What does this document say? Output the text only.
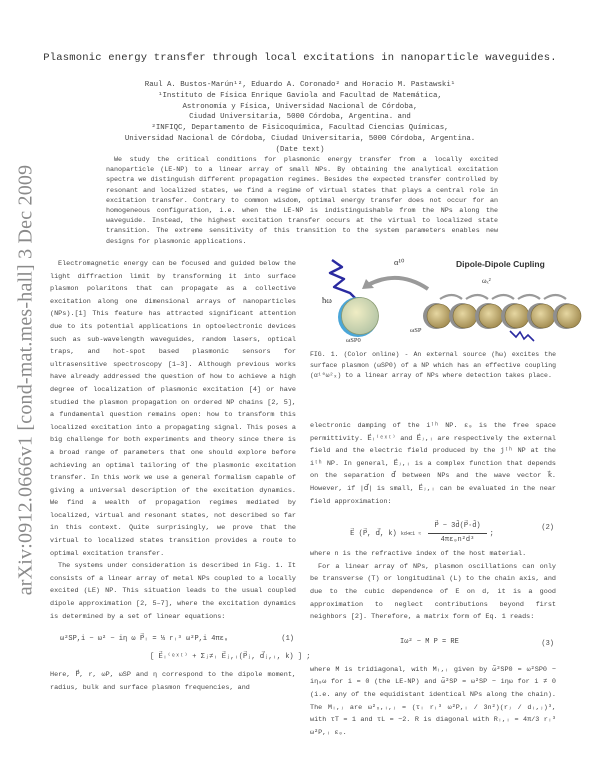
Plasmonic energy transfer through local excitations in nanoparticle waveguides.
Raul A. Bustos-Marún¹², Eduardo A. Coronado² and Horacio M. Pastawski¹
¹Instituto de Física Enrique Gaviola and Facultad de Matemática,
Astronomía y Física, Universidad Nacional de Córdoba,
Ciudad Universitaria, 5000 Córdoba, Argentina. and
²INFIQC, Departamento de Fisicoquímica, Facultad Ciencias Químicas,
Universidad Nacional de Córdoba, Ciudad Universitaria, 5000 Córdoba, Argentina.
(Date text)
We study the critical conditions for plasmonic energy transfer from a locally excited nanoparticle (LE-NP) to a linear array of small NPs. By obtaining the analytical excitation spectra we distinguish different propagation regimes. Besides the expected transfer controlled by resonant and localized states, we find a regime of virtual states that plays a central role in excitation transfer. Contrary to common wisdom, optimal energy transfer does not occur for an homogeneous configuration, i.e. when the LE-NP is indistinguishable from the NPs along the waveguide. Instead, the highest excitation transfer occurs at the virtual to localized state transition. The extreme sensitivity of this transition to the system parameters enables new designs for plasmonic applications.
arXiv:0912.0666v1 [cond-mat.mes-hall] 3 Dec 2009	Electromagnetic energy can be focused and guided below the light diffraction limit by transforming it into surface plasmon polaritons that can propagate as a collective excitation along one dimensional arrays of nanoparticles (NPs).[1] This feature has attracted significant attention due to its potential applications in optoelectronic devices such as sub-wavelength waveguides, random lasers, optical traps, and hot-spot based plasmonic sensors for ultrasensitive spectroscopy [1–3]. Although previous works have already addressed the question of how to achieve a high degree of localization of plasmonic excitation [4] or have studied the plasmon propagation on ordered NP chains [2, 5], a fundamental question remains open: how to transform this localized excitation into a propagating signal. This poses a big challenge for both experiments and theory since there is a broad range of parameters that one should explore before achieving an optimal tailoring of the plasmonic excitation transfer. In this work we use a general formalism capable of giving a universal description of the excitation dynamics. We find a wealth of propagation regimes mediated by localized, virtual and resonant states, not described so far in this context. Quite surprisingly, we prove that the virtual to localized states transition provides a route to optimal excitation transfer.

The systems under consideration is described in Fig. 1. It consists of a linear array of metal NPs coupled to a locally excited (LE) NP. This situation leads to the usual coupled dipole approximation [2, 5–7], where the excitation dynamics is determined by a set of linear equations:

ω²SP,i − ω² − iη ω P⃗ᵢ = ⅓ rᵢ³ ω²P,i 4πε₀	(1)
[ E⃗ᵢ⁽ᵉˣᵗ⁾ + Σⱼ≠ᵢ E⃗ⱼ,ᵢ(P⃗ⱼ, d⃗ⱼ,ᵢ, k) ] ;

Here, P⃗, r, ωP, ωSP and η correspond to the dipole moment, radius, bulk and surface plasmon frequencies, and

ħω
α¹⁰	Dipole-Dipole Cupling
ωₓ²
ωSP0
ωSP
FIG. 1. (Color online) - An external source (ħω) excites the surface plasmon (ωSP0) of a NP which has an effective coupling (α¹⁰ω²ₓ) to a linear array of NPs where detection takes place.

electronic damping of the iᵗʰ NP. ε₀ is the free space permittivity. E⃗ᵢ⁽ᵉˣᵗ⁾ and E⃗ⱼ,ᵢ are respectively the external field and the electric field produced by the jᵗʰ NP at the iᵗʰ NP. In general, E⃗ⱼ,ᵢ is a complex function that depends on the separation d⃗ between NPs and the wave vector k⃗. However, if |d⃗| is small, E⃗ⱼ,ᵢ can be evaluated in the near field approximation:

E⃗ (P⃗, d⃗, k) kd≪1 ≈ $\frac{P⃗ - 3d̂(P⃗\cdot d̂)}{\text{4πε₀n²d³}}$ ;
(2)

where n is the refractive index of the host material.

For a linear array of NPs, plasmon oscillations can only be transverse (T) or longitudinal (L) to the chain axis, and due to the cubic dependence of E on d, it is a good approximation to neglect contributions beyond first neighbors [2]. Therefore, a matrix form of Eq. 1 reads:

Iω² − M P = RE	(3)

where M is tridiagonal, with Mᵢ,ᵢ given by ω̃²SP0 = ω²SP0 − iη₀ω for i = 0 (the LE-NP) and ω̃²SP = ω²SP − iηω for i ≠ 0 (i.e. any of the equidistant identical NPs along the chain). The Mᵢ,ⱼ are ω²ₓ,ᵢ,ⱼ = (τᵢ rᵢ³ ω²P,ᵢ / 3n²)(rⱼ / dᵢ,ⱼ)³, with τT = 1 and τL = −2. R is diagonal with Rᵢ,ᵢ = 4π/3 rᵢ³ ω²P,ᵢ ε₀.
